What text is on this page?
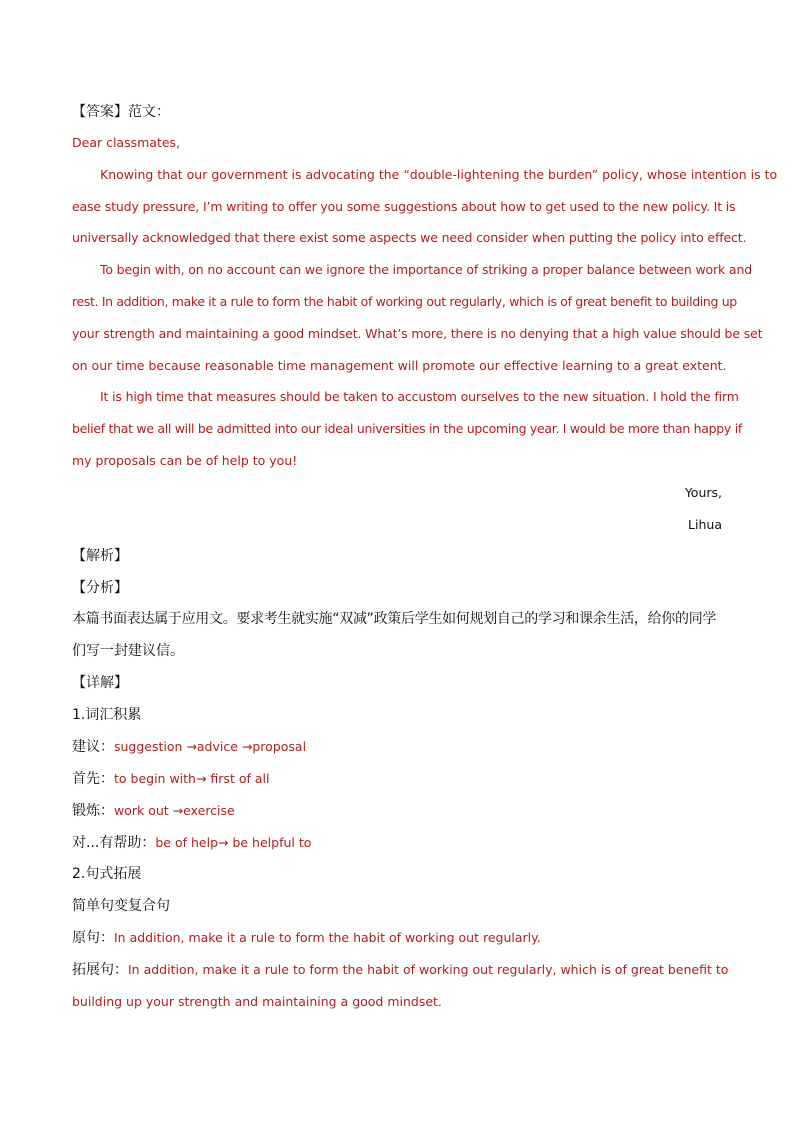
【答案】范文：
Dear classmates,
Knowing that our government is advocating the “double-lightening the burden” policy, whose intention is to
ease study pressure, I’m writing to offer you some suggestions about how to get used to the new policy. It is
universally acknowledged that there exist some aspects we need consider when putting the policy into effect.
To begin with, on no account can we ignore the importance of striking a proper balance between work and
rest. In addition, make it a rule to form the habit of working out regularly, which is of great benefit to building up
your strength and maintaining a good mindset. What’s more, there is no denying that a high value should be set
on our time because reasonable time management will promote our effective learning to a great extent.
It is high time that measures should be taken to accustom ourselves to the new situation. I hold the firm
belief that we all will be admitted into our ideal universities in the upcoming year. I would be more than happy if
my proposals can be of help to you!
Yours,
Lihua
【解析】
【分析】
本篇书面表达属于应用文。要求考生就实施“双减”政策后学生如何规划自己的学习和课余生活，给你的同学
们写一封建议信。
【详解】
1.词汇积累
建议：suggestion →advice →proposal
首先：to begin with→ first of all
锻炼：work out →exercise
对...有帮助：be of help→ be helpful to
2.句式拓展
简单句变复合句
原句：In addition, make it a rule to form the habit of working out regularly.
拓展句：In addition, make it a rule to form the habit of working out regularly, which is of great benefit to
building up your strength and maintaining a good mindset.
